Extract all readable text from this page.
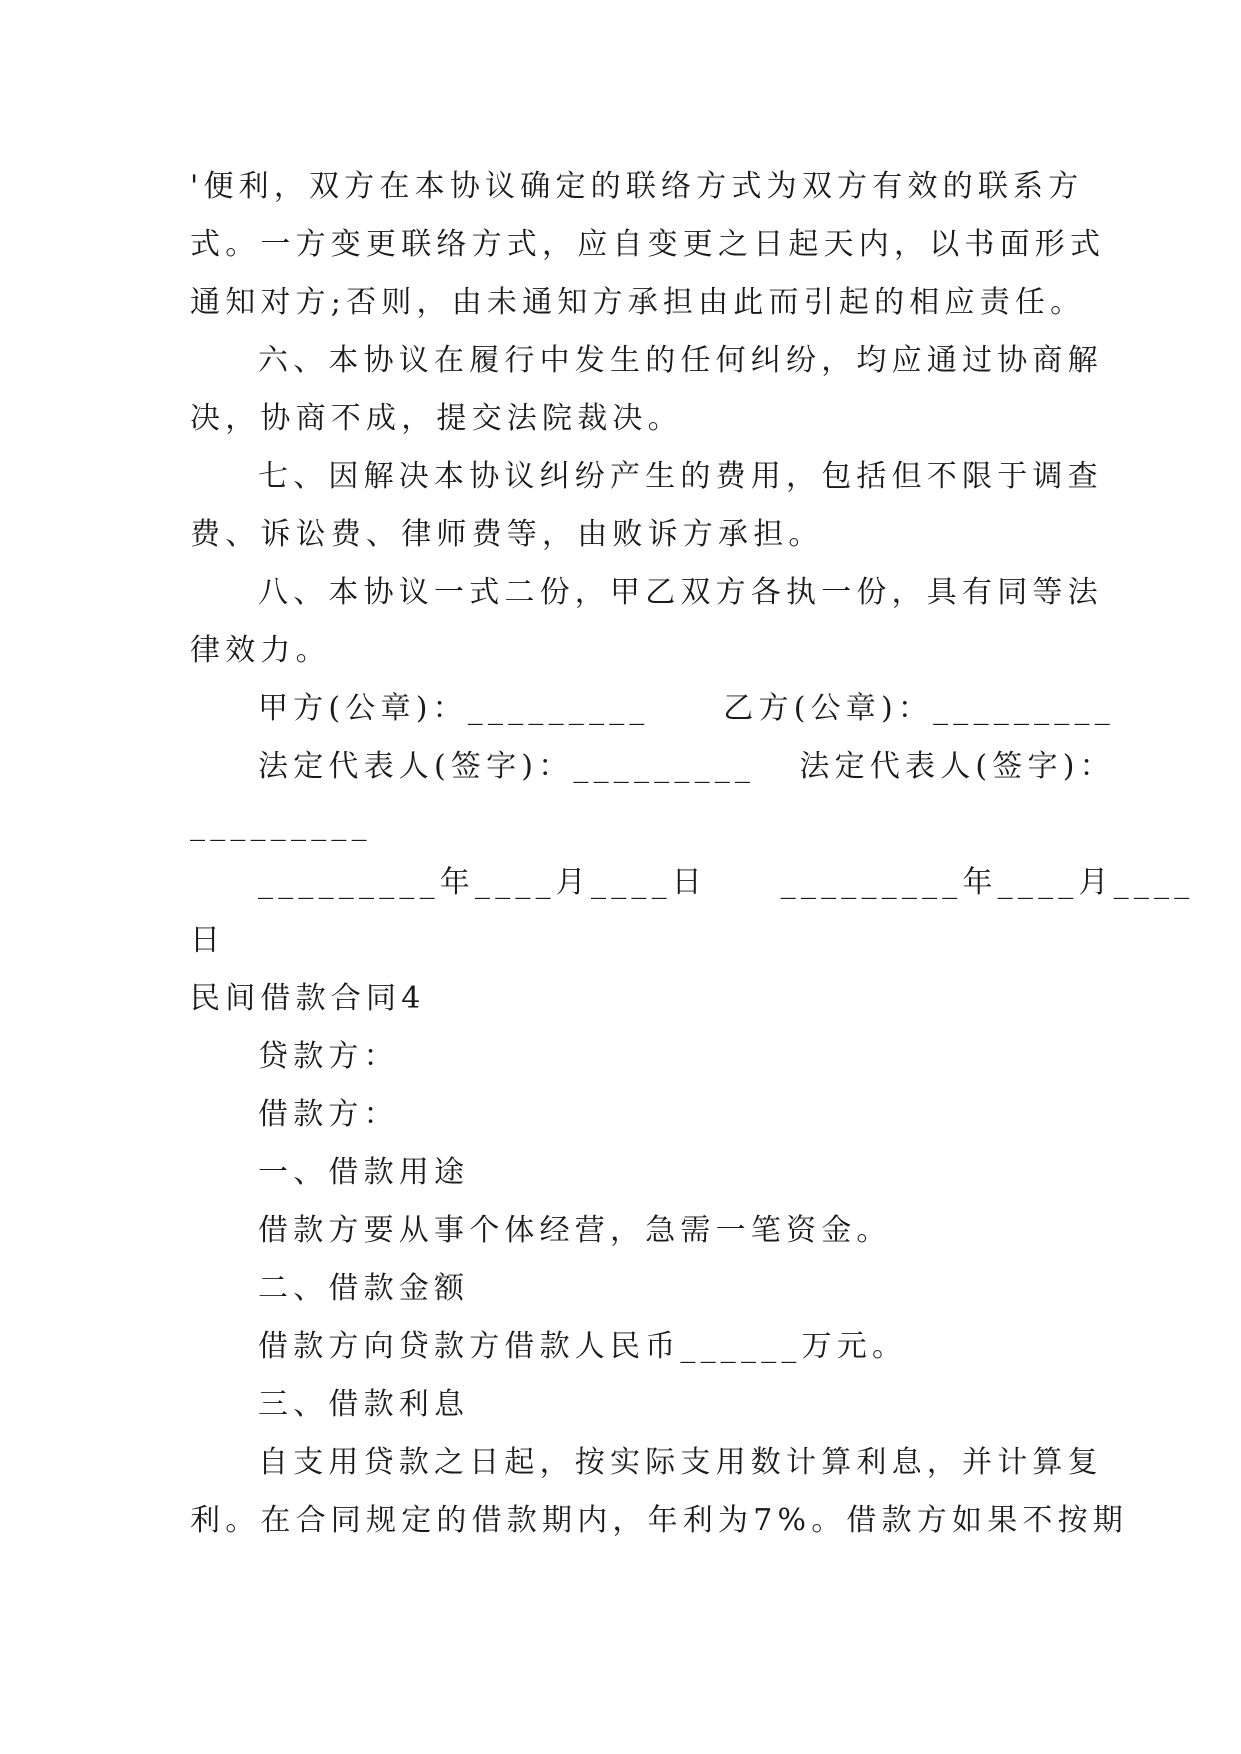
'便利，双方在本协议确定的联络方式为双方有效的联系方

式。一方变更联络方式，应自变更之日起天内，以书面形式

通知对方;否则，由未通知方承担由此而引起的相应责任。

六、本协议在履行中发生的任何纠纷，均应通过协商解

决，协商不成，提交法院裁决。

七、因解决本协议纠纷产生的费用，包括但不限于调查

费、诉讼费、律师费等，由败诉方承担。

八、本协议一式二份，甲乙双方各执一份，具有同等法

律效力。

甲方(公章)：_________     乙方(公章)：_________

法定代表人(签字)：_________   法定代表人(签字)：

_________

_________年____月____日     _________年____月____

日

民间借款合同4

贷款方：

借款方：

一、借款用途

借款方要从事个体经营，急需一笔资金。

二、借款金额

借款方向贷款方借款人民币______万元。

三、借款利息

自支用贷款之日起，按实际支用数计算利息，并计算复

利。在合同规定的借款期内，年利为7%。借款方如果不按期
